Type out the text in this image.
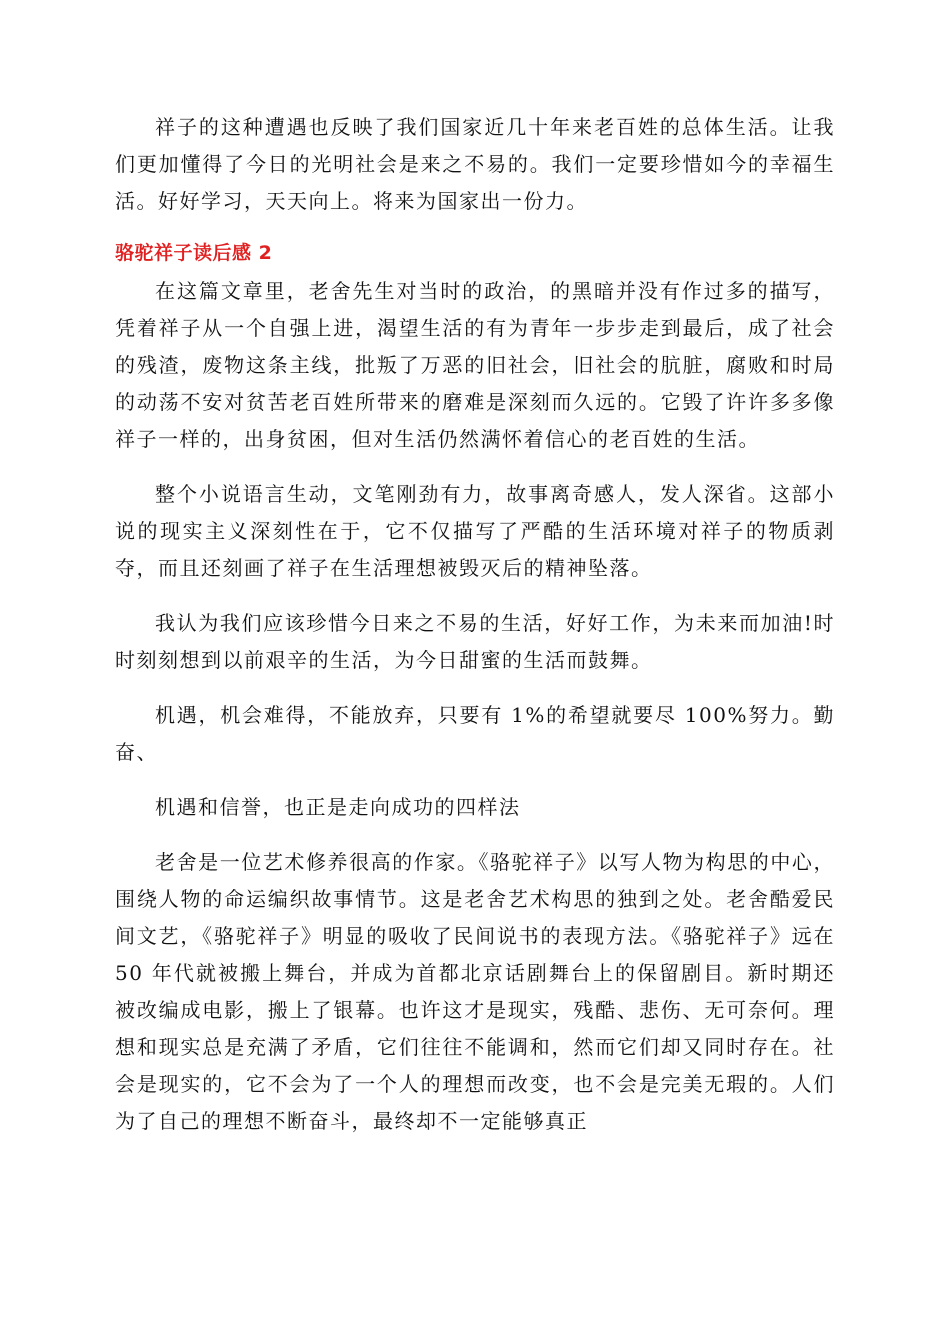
祥子的这种遭遇也反映了我们国家近几十年来老百姓的总体生活。让我们更加懂得了今日的光明社会是来之不易的。我们一定要珍惜如今的幸福生活。好好学习，天天向上。将来为国家出一份力。

骆驼祥子读后感 2

在这篇文章里，老舍先生对当时的政治，的黑暗并没有作过多的描写，凭着祥子从一个自强上进，渴望生活的有为青年一步步走到最后，成了社会的残渣，废物这条主线，批叛了万恶的旧社会，旧社会的肮脏，腐败和时局的动荡不安对贫苦老百姓所带来的磨难是深刻而久远的。它毁了许许多多像祥子一样的，出身贫困，但对生活仍然满怀着信心的老百姓的生活。

整个小说语言生动，文笔刚劲有力，故事离奇感人，发人深省。这部小说的现实主义深刻性在于，它不仅描写了严酷的生活环境对祥子的物质剥夺，而且还刻画了祥子在生活理想被毁灭后的精神坠落。

我认为我们应该珍惜今日来之不易的生活，好好工作，为未来而加油!时时刻刻想到以前艰辛的生活，为今日甜蜜的生活而鼓舞。

机遇，机会难得，不能放弃，只要有 1%的希望就要尽 100%努力。勤奋、

机遇和信誉，也正是走向成功的四样法

老舍是一位艺术修养很高的作家。《骆驼祥子》以写人物为构思的中心，围绕人物的命运编织故事情节。这是老舍艺术构思的独到之处。老舍酷爱民间文艺，《骆驼祥子》明显的吸收了民间说书的表现方法。《骆驼祥子》远在 50 年代就被搬上舞台，并成为首都北京话剧舞台上的保留剧目。新时期还被改编成电影，搬上了银幕。也许这才是现实，残酷、悲伤、无可奈何。理想和现实总是充满了矛盾，它们往往不能调和，然而它们却又同时存在。社会是现实的，它不会为了一个人的理想而改变，也不会是完美无瑕的。人们为了自己的理想不断奋斗，最终却不一定能够真正
